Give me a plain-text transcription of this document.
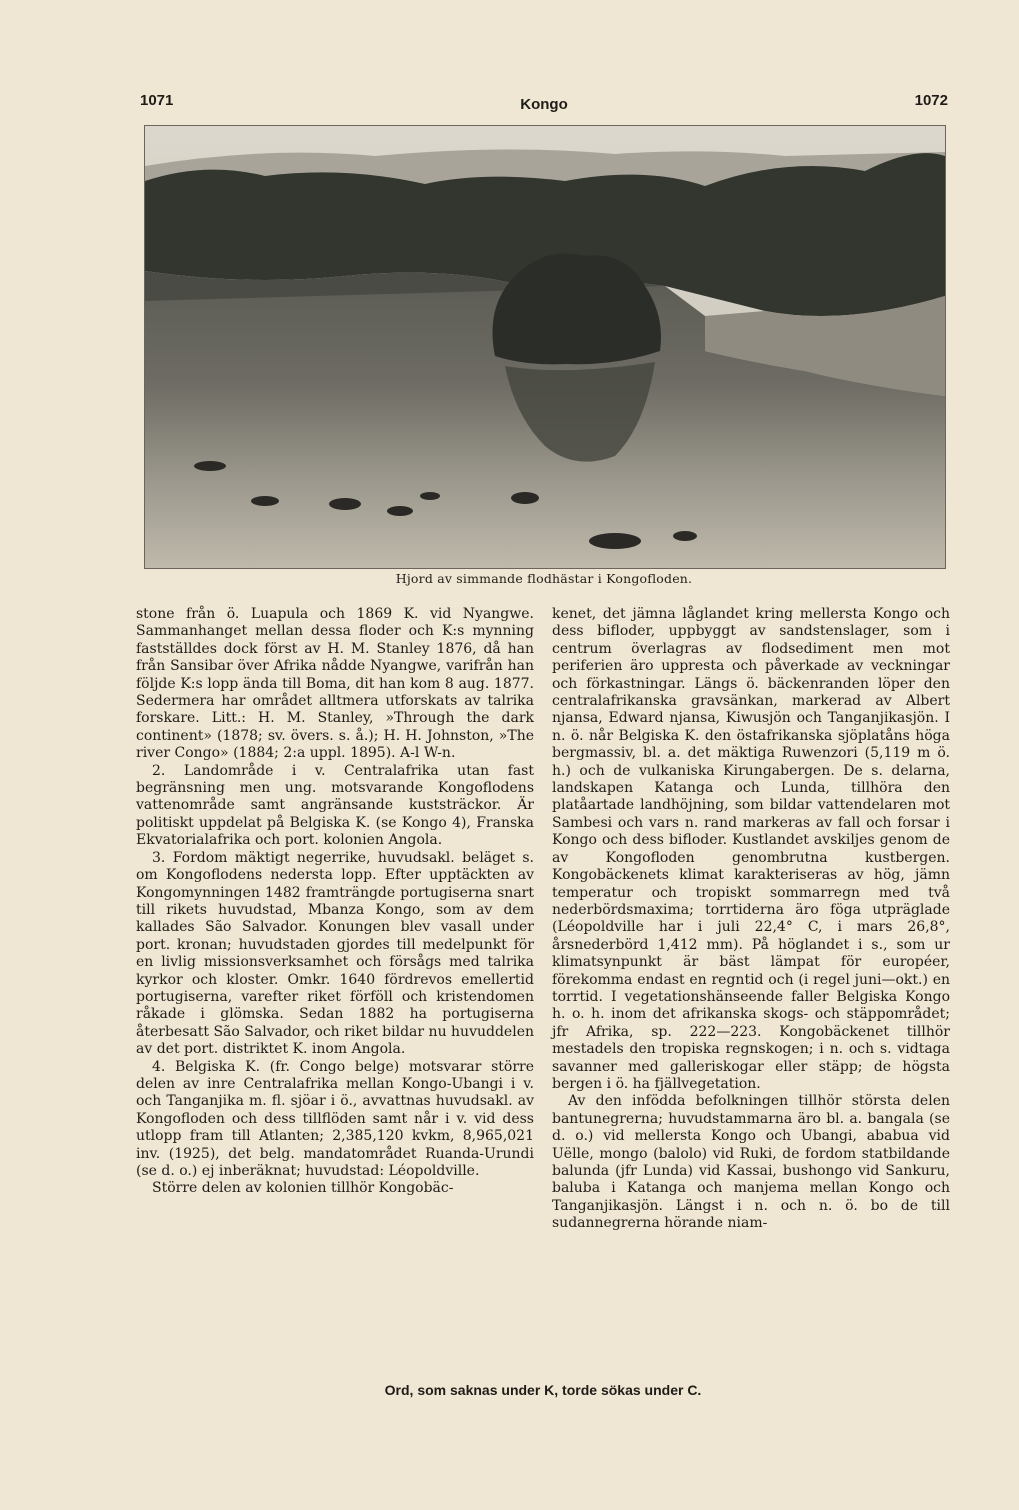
1071	Kongo	1072
Hjord av simmande flodhästar i Kongofloden.

stone från ö. Luapula och 1869 K. vid Nyangwe. Sammanhanget mellan dessa floder och K:s mynning fastställdes dock först av H. M. Stanley 1876, då han från Sansibar över Afrika nådde Nyangwe, varifrån han följde K:s lopp ända till Boma, dit han kom 8 aug. 1877. Sedermera har området alltmera utforskats av talrika forskare. Litt.: H. M. Stanley, »Through the dark continent» (1878; sv. övers. s. å.); H. H. Johnston, »The river Congo» (1884; 2:a uppl. 1895). A-l W-n.

2. Landområde i v. Centralafrika utan fast begränsning men ung. motsvarande Kongoflodens vattenområde samt angränsande kuststräckor. Är politiskt uppdelat på Belgiska K. (se Kongo 4), Franska Ekvatorialafrika och port. kolonien Angola.

3. Fordom mäktigt negerrike, huvudsakl. beläget s. om Kongoflodens nedersta lopp. Efter upptäckten av Kongomynningen 1482 framträngde portugiserna snart till rikets huvudstad, Mbanza Kongo, som av dem kallades São Salvador. Konungen blev vasall under port. kronan; huvudstaden gjordes till medelpunkt för en livlig missionsverksamhet och försågs med talrika kyrkor och kloster. Omkr. 1640 fördrevos emellertid portugiserna, varefter riket förföll och kristendomen råkade i glömska. Sedan 1882 ha portugiserna återbesatt São Salvador, och riket bildar nu huvuddelen av det port. distriktet K. inom Angola.

4. Belgiska K. (fr. Congo belge) motsvarar större delen av inre Centralafrika mellan Kongo-Ubangi i v. och Tanganjika m. fl. sjöar i ö., avvattnas huvudsakl. av Kongofloden och dess tillflöden samt når i v. vid dess utlopp fram till Atlanten; 2,385,120 kvkm, 8,965,021 inv. (1925), det belg. mandatområdet Ruanda-Urundi (se d. o.) ej inberäknat; huvudstad: Léopoldville.

Större delen av kolonien tillhör Kongobäc-

kenet, det jämna låglandet kring mellersta Kongo och dess bifloder, uppbyggt av sandstenslager, som i centrum överlagras av flodsediment men mot periferien äro uppresta och påverkade av veckningar och förkastningar. Längs ö. bäckenranden löper den centralafrikanska gravsänkan, markerad av Albert njansa, Edward njansa, Kiwusjön och Tanganjikasjön. I n. ö. når Belgiska K. den östafrikanska sjöplatåns höga bergmassiv, bl. a. det mäktiga Ruwenzori (5,119 m ö. h.) och de vulkaniska Kirungabergen. De s. delarna, landskapen Katanga och Lunda, tillhöra den platåartade landhöjning, som bildar vattendelaren mot Sambesi och vars n. rand markeras av fall och forsar i Kongo och dess bifloder. Kustlandet avskiljes genom de av Kongofloden genombrutna kustbergen. Kongobäckenets klimat karakteriseras av hög, jämn temperatur och tropiskt sommarregn med två nederbördsmaxima; torrtiderna äro föga utpräglade (Léopoldville har i juli 22,4° C, i mars 26,8°, årsnederbörd 1,412 mm). På höglandet i s., som ur klimatsynpunkt är bäst lämpat för européer, förekomma endast en regntid och (i regel juni—okt.) en torrtid. I vegetationshänseende faller Belgiska Kongo h. o. h. inom det afrikanska skogs- och stäppområdet; jfr Afrika, sp. 222—223. Kongobäckenet tillhör mestadels den tropiska regnskogen; i n. och s. vidtaga savanner med galleriskogar eller stäpp; de högsta bergen i ö. ha fjällvegetation.

Av den infödda befolkningen tillhör största delen bantunegrerna; huvudstammarna äro bl. a. bangala (se d. o.) vid mellersta Kongo och Ubangi, ababua vid Uëlle, mongo (balolo) vid Ruki, de fordom statbildande balunda (jfr Lunda) vid Kassai, bushongo vid Sankuru, baluba i Katanga och manjema mellan Kongo och Tanganjikasjön. Längst i n. och n. ö. bo de till sudannegrerna hörande niam-

Ord, som saknas under K, torde sökas under C.
